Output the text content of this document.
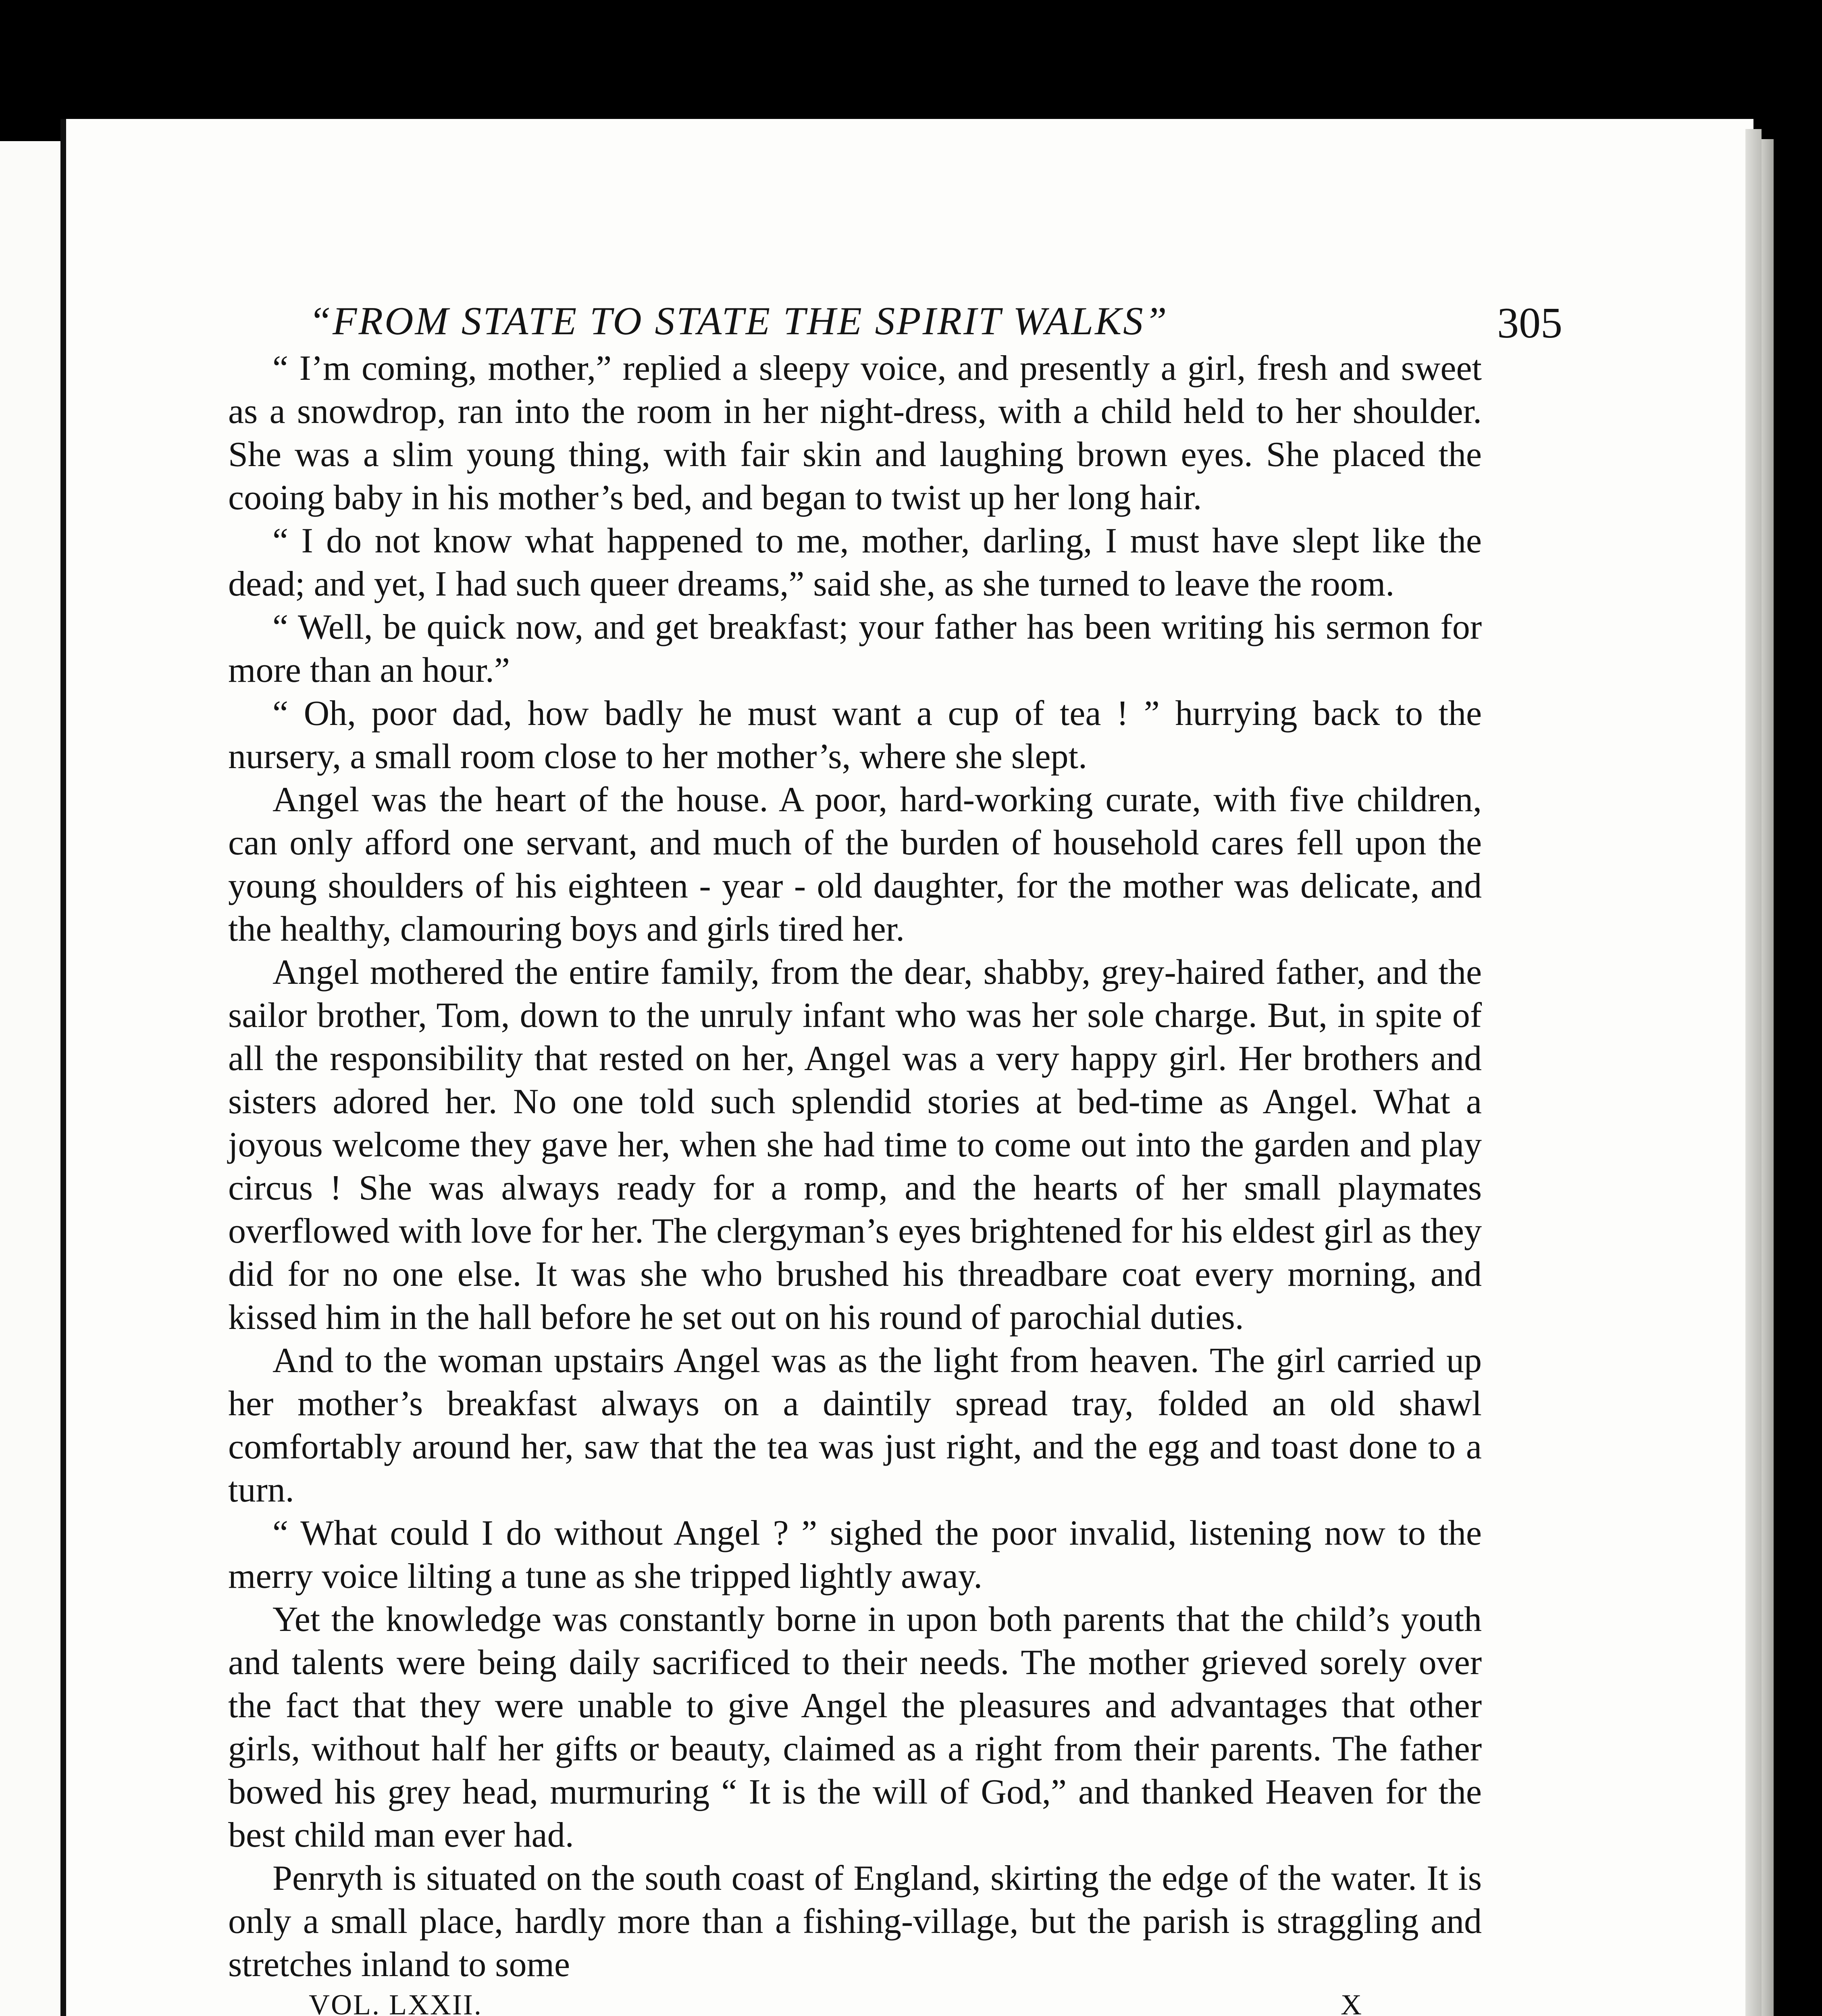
“FROM STATE TO STATE THE SPIRIT WALKS”	305

“ I’m coming, mother,” replied a sleepy voice, and presently a girl, fresh and sweet as a snowdrop, ran into the room in her night-dress, with a child held to her shoulder. She was a slim young thing, with fair skin and laughing brown eyes. She placed the cooing baby in his mother’s bed, and began to twist up her long hair.

“ I do not know what happened to me, mother, darling, I must have slept like the dead; and yet, I had such queer dreams,” said she, as she turned to leave the room.

“ Well, be quick now, and get breakfast; your father has been writing his sermon for more than an hour.”

“ Oh, poor dad, how badly he must want a cup of tea ! ” hurrying back to the nursery, a small room close to her mother’s, where she slept.

Angel was the heart of the house. A poor, hard-working curate, with five children, can only afford one servant, and much of the burden of household cares fell upon the young shoulders of his eighteen - year - old daughter, for the mother was delicate, and the healthy, clamouring boys and girls tired her.

Angel mothered the entire family, from the dear, shabby, grey-haired father, and the sailor brother, Tom, down to the unruly infant who was her sole charge. But, in spite of all the responsibility that rested on her, Angel was a very happy girl. Her brothers and sisters adored her. No one told such splendid stories at bed-time as Angel. What a joyous welcome they gave her, when she had time to come out into the garden and play circus ! She was always ready for a romp, and the hearts of her small playmates overflowed with love for her. The clergyman’s eyes brightened for his eldest girl as they did for no one else. It was she who brushed his threadbare coat every morning, and kissed him in the hall before he set out on his round of parochial duties.

And to the woman upstairs Angel was as the light from heaven. The girl carried up her mother’s breakfast always on a daintily spread tray, folded an old shawl comfortably around her, saw that the tea was just right, and the egg and toast done to a turn.

“ What could I do without Angel ? ” sighed the poor invalid, listening now to the merry voice lilting a tune as she tripped lightly away.

Yet the knowledge was constantly borne in upon both parents that the child’s youth and talents were being daily sacrificed to their needs. The mother grieved sorely over the fact that they were unable to give Angel the pleasures and advantages that other girls, without half her gifts or beauty, claimed as a right from their parents. The father bowed his grey head, murmuring “ It is the will of God,” and thanked Heaven for the best child man ever had.

Penryth is situated on the south coast of England, skirting the edge of the water. It is only a small place, hardly more than a fishing-village, but the parish is straggling and stretches inland to some

VOL. LXXII.	X
